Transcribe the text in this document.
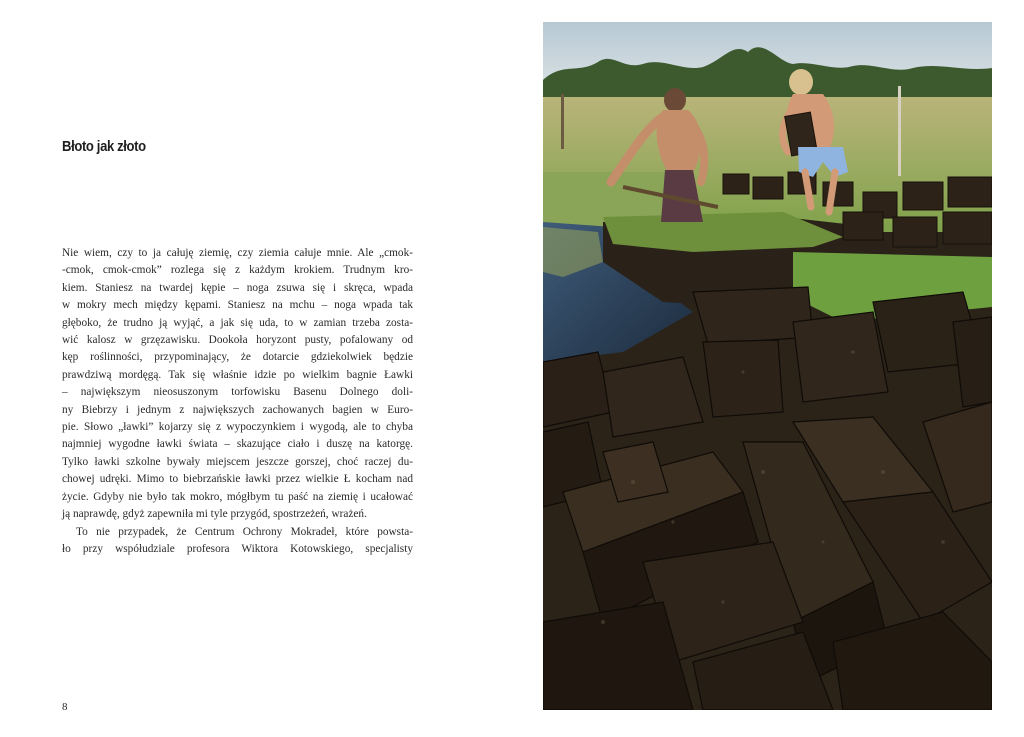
Błoto jak złoto
Nie wiem, czy to ja całuję ziemię, czy ziemia całuje mnie. Ale „cmok-
-cmok, cmok-cmok” rozlega się z każdym krokiem. Trudnym kro-
kiem. Staniesz na twardej kępie – noga zsuwa się i skręca, wpada
w mokry mech między kępami. Staniesz na mchu – noga wpada tak
głęboko, że trudno ją wyjąć, a jak się uda, to w zamian trzeba zosta-
wić kalosz w grzęzawisku. Dookoła horyzont pusty, pofalowany od
kęp roślinności, przypominający, że dotarcie gdziekolwiek będzie
prawdziwą mordęgą. Tak się właśnie idzie po wielkim bagnie Ławki
– największym nieosuszonym torfowisku Basenu Dolnego doli-
ny Biebrzy i jednym z największych zachowanych bagien w Euro-
pie. Słowo „ławki” kojarzy się z wypoczynkiem i wygodą, ale to chyba
najmniej wygodne ławki świata – skazujące ciało i duszę na katorgę.
Tylko ławki szkolne bywały miejscem jeszcze gorszej, choć raczej du-
chowej udręki. Mimo to biebrzańskie ławki przez wielkie Ł kocham nad
życie. Gdyby nie było tak mokro, mógłbym tu paść na ziemię i ucałować
ją naprawdę, gdyż zapewniła mi tyle przygód, spostrzeżeń, wrażeń.
To nie przypadek, że Centrum Ochrony Mokradeł, które powsta-
ło przy współudziale profesora Wiktora Kotowskiego, specjalisty
8
